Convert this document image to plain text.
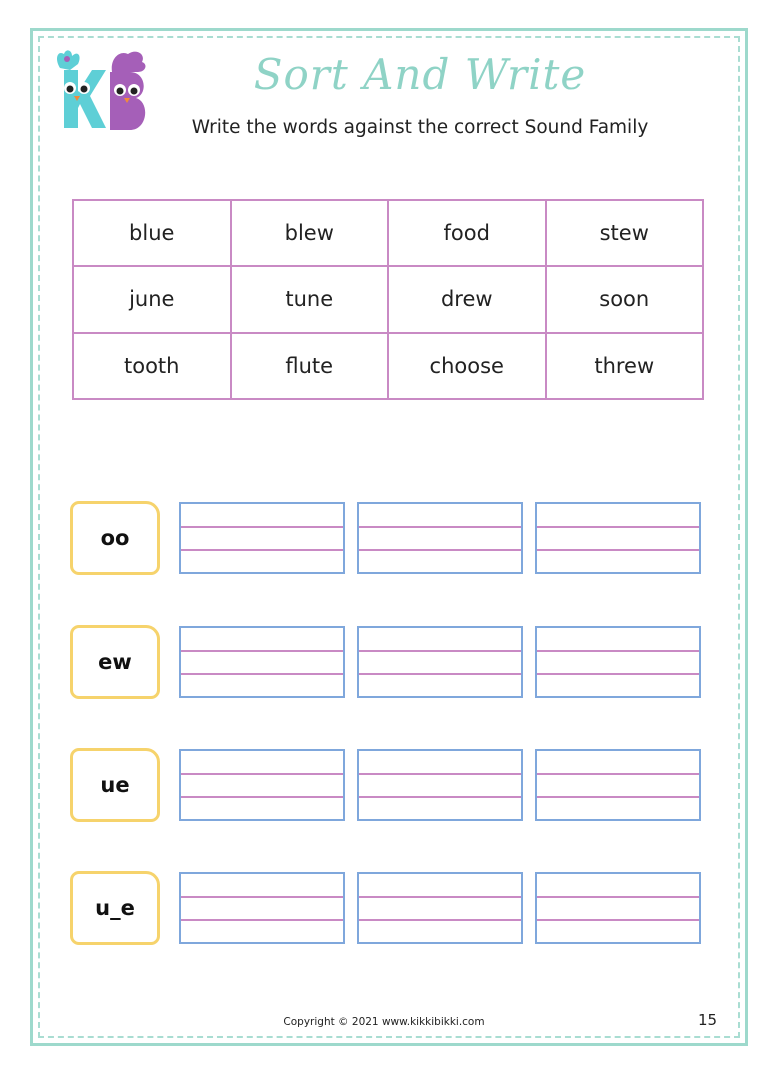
Sort And Write
Write the words against the correct Sound Family
blue	blew	food	stew
june	tune	drew	soon
tooth	flute	choose	threw
oo
ew
ue
u_e
Copyright © 2021 www.kikkibikki.com	15
